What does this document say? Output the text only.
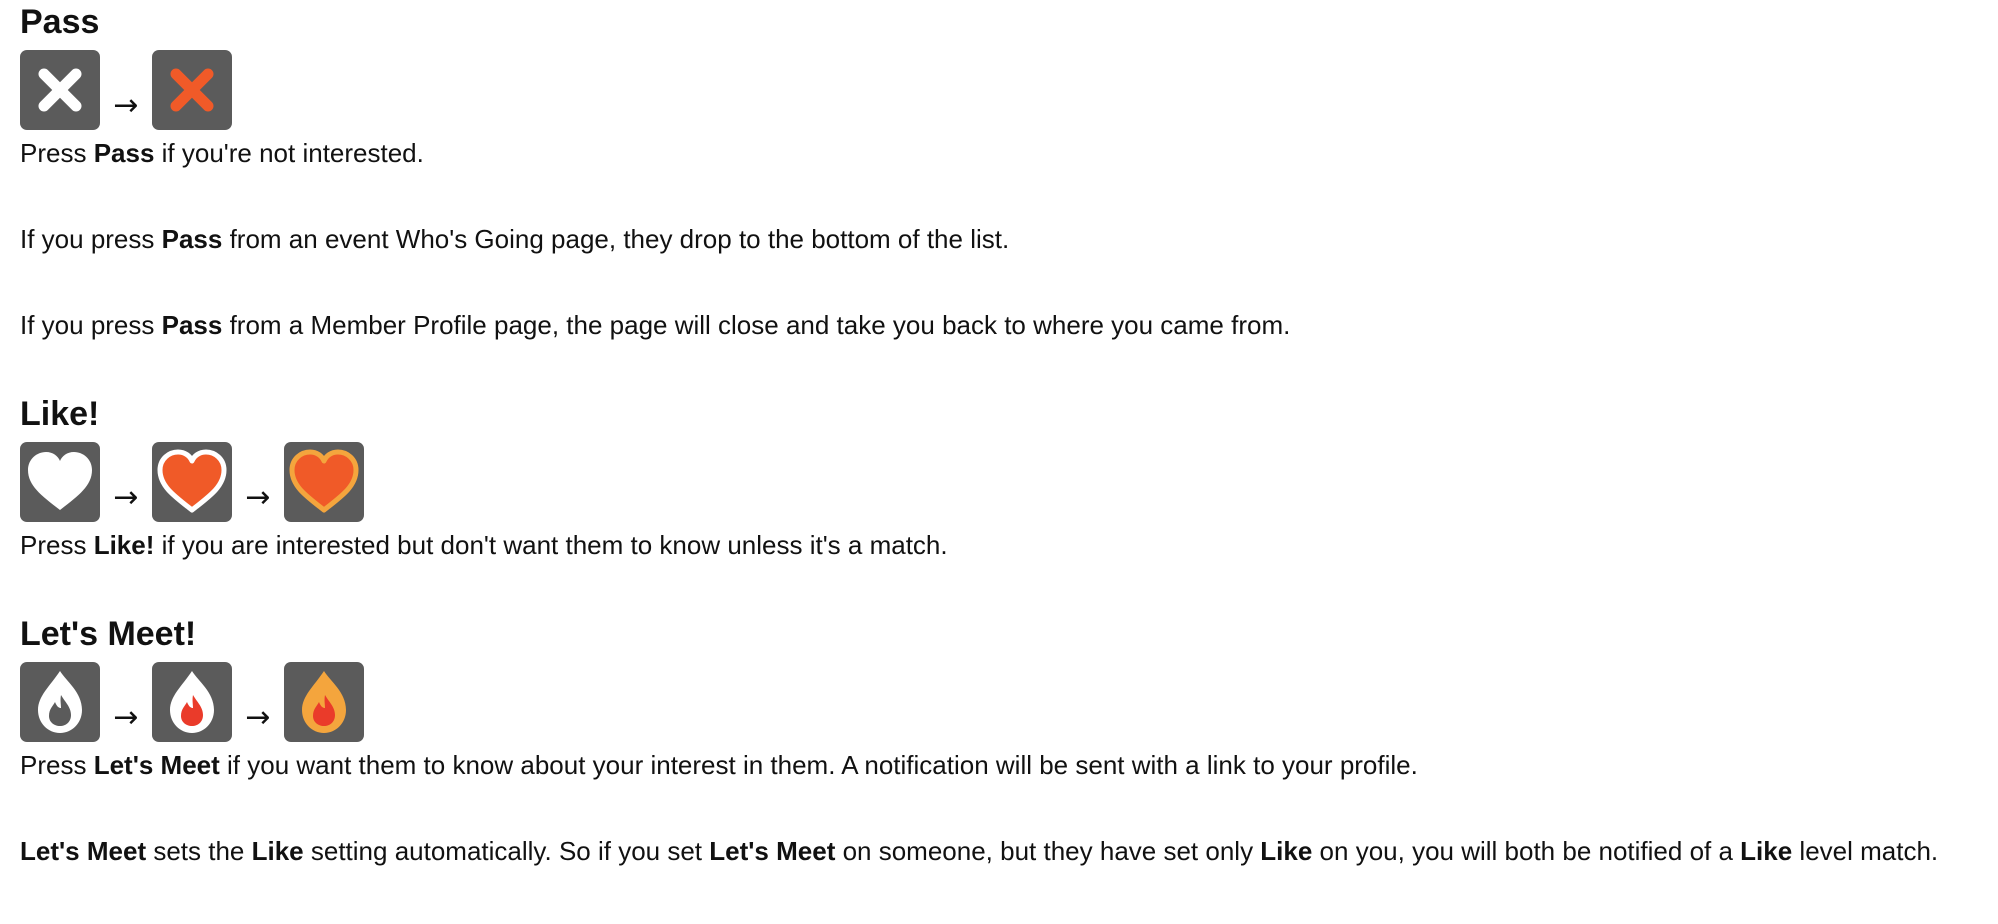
Pass
→

Press Pass if you're not interested.

If you press Pass from an event Who's Going page, they drop to the bottom of the list.

If you press Pass from a Member Profile page, the page will close and take you back to where you came from.

Like!
→	→

Press Like! if you are interested but don't want them to know unless it's a match.

Let's Meet!
→	→

Press Let's Meet if you want them to know about your interest in them. A notification will be sent with a link to your profile.

Let's Meet sets the Like setting automatically. So if you set Let's Meet on someone, but they have set only Like on you, you will both be notified of a Like level match.
